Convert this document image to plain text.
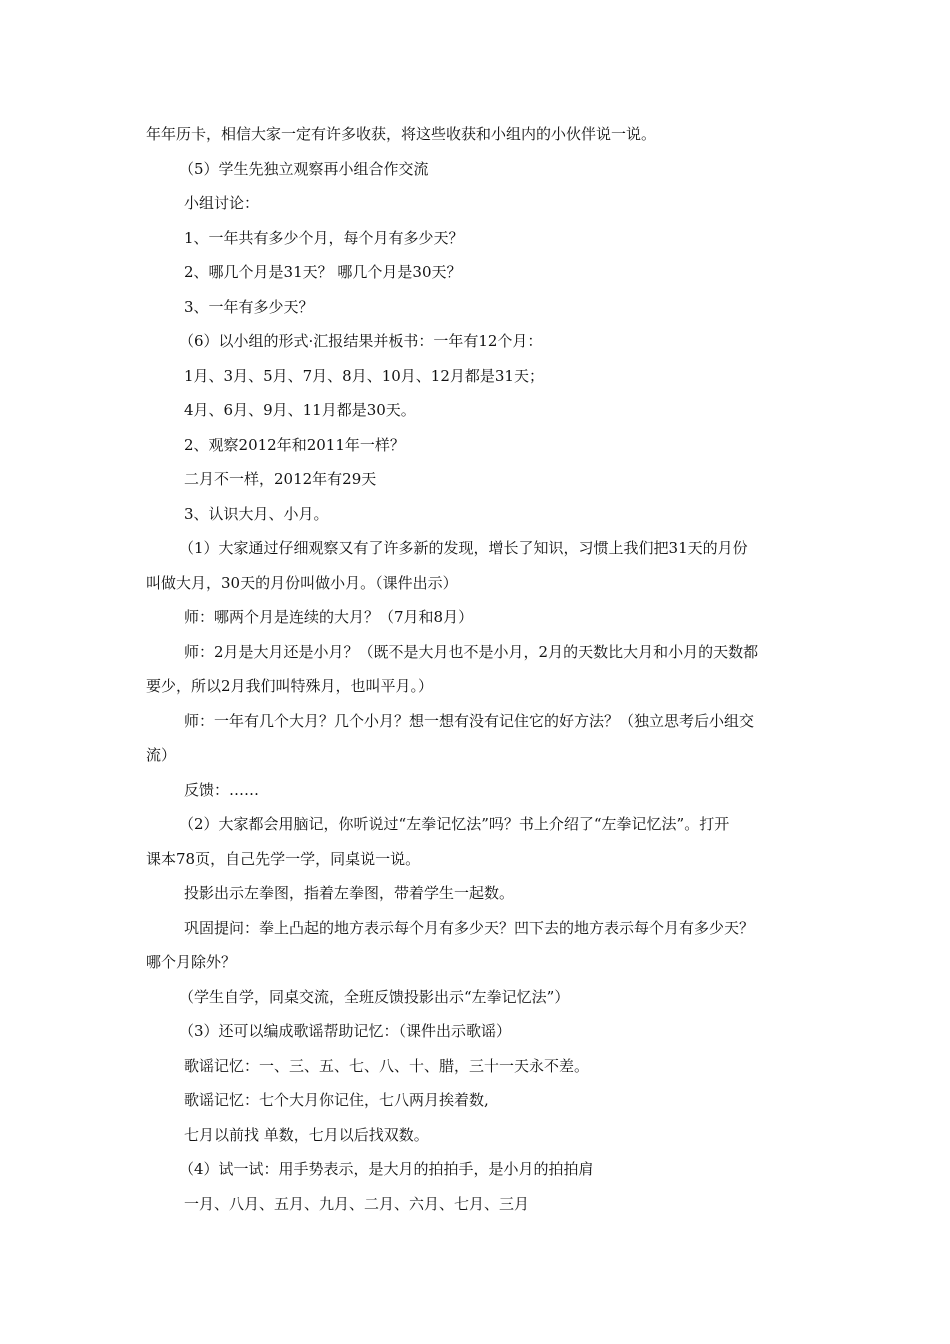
年年历卡，相信大家一定有许多收获，将这些收获和小组内的小伙伴说一说。
（5）学生先独立观察再小组合作交流
小组讨论：
1、一年共有多少个月，每个月有多少天？
2、哪几个月是31天？ 哪几个月是30天？
3、一年有多少天？
（6）以小组的形式·汇报结果并板书：一年有12个月：
1月、3月、5月、7月、8月、10月、12月都是31天；
4月、6月、9月、11月都是30天。
2、观察2012年和2011年一样？
二月不一样，2012年有29天
3、认识大月、小月。
（1）大家通过仔细观察又有了许多新的发现，增长了知识，习惯上我们把31天的月份
叫做大月，30天的月份叫做小月。（课件出示）
师：哪两个月是连续的大月？（7月和8月）
师：2月是大月还是小月？（既不是大月也不是小月，2月的天数比大月和小月的天数都
要少，所以2月我们叫特殊月，也叫平月。）
师：一年有几个大月？几个小月？想一想有没有记住它的好方法？（独立思考后小组交
流）
反馈：……
（2）大家都会用脑记，你听说过“左拳记忆法”吗？书上介绍了“左拳记忆法”。打开
课本78页，自己先学一学，同桌说一说。
投影出示左拳图，指着左拳图，带着学生一起数。
巩固提问：拳上凸起的地方表示每个月有多少天？凹下去的地方表示每个月有多少天？
哪个月除外？
（学生自学，同桌交流，全班反馈投影出示“左拳记忆法”）
（3）还可以编成歌谣帮助记忆：（课件出示歌谣）
歌谣记忆：一、三、五、七、八、十、腊，三十一天永不差。
歌谣记忆：七个大月你记住，七八两月挨着数,
七月以前找 单数，七月以后找双数。
（4）试一试：用手势表示，是大月的拍拍手，是小月的拍拍肩
一月、八月、五月、九月、二月、六月、七月、三月
